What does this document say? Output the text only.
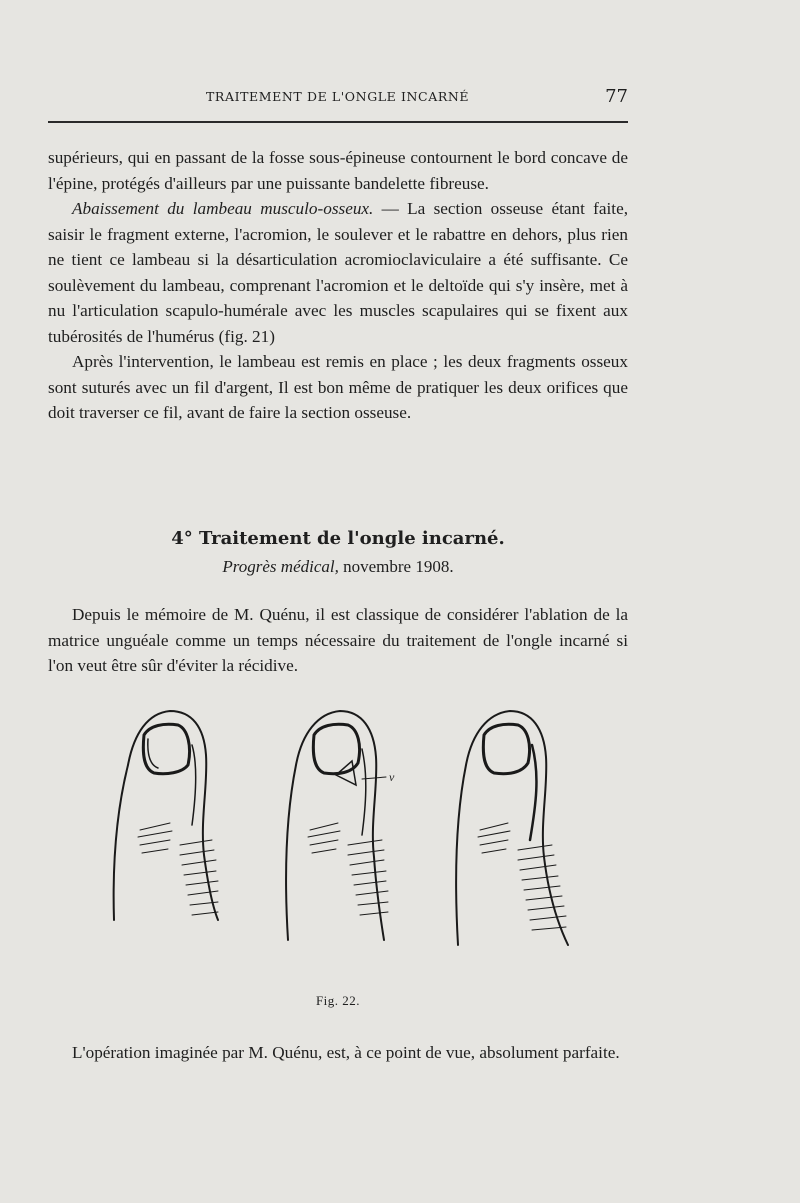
TRAITEMENT DE L'ONGLE INCARNÉ	77

supérieurs, qui en passant de la fosse sous-épineuse contournent le bord concave de l'épine, protégés d'ailleurs par une puissante bandelette fibreuse.

Abaissement du lambeau musculo-osseux. — La section osseuse étant faite, saisir le fragment externe, l'acromion, le soulever et le rabattre en dehors, plus rien ne tient ce lambeau si la désarticulation acromioclaviculaire a été suffisante. Ce soulèvement du lambeau, comprenant l'acromion et le deltoïde qui s'y insère, met à nu l'articulation scapulo-humérale avec les muscles scapulaires qui se fixent aux tubérosités de l'humérus (fig. 21)

Après l'intervention, le lambeau est remis en place ; les deux fragments osseux sont suturés avec un fil d'argent, Il est bon même de pratiquer les deux orifices que doit traverser ce fil, avant de faire la section osseuse.

4° Traitement de l'ongle incarné.
Progrès médical, novembre 1908.

Depuis le mémoire de M. Quénu, il est classique de considérer l'ablation de la matrice unguéale comme un temps nécessaire du traitement de l'ongle incarné si l'on veut être sûr d'éviter la récidive.

v
Fig. 22.

L'opération imaginée par M. Quénu, est, à ce point de vue, absolument parfaite.
